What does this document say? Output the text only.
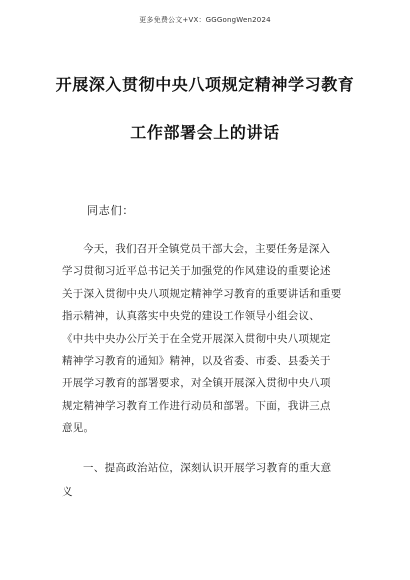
更多免费公文+VX：GGGongWen2024
开展深入贯彻中央八项规定精神学习教育
工作部署会上的讲话
同志们：
今天，我们召开全镇党员干部大会，主要任务是深入
学习贯彻习近平总书记关于加强党的作风建设的重要论述
关于深入贯彻中央八项规定精神学习教育的重要讲话和重要
指示精神，认真落实中央党的建设工作领导小组会议、
《中共中央办公厅关于在全党开展深入贯彻中央八项规定
精神学习教育的通知》精神，以及省委、市委、县委关于
开展学习教育的部署要求，对全镇开展深入贯彻中央八项
规定精神学习教育工作进行动员和部署。下面，我讲三点
意见。
一、提高政治站位，深刻认识开展学习教育的重大意
义
